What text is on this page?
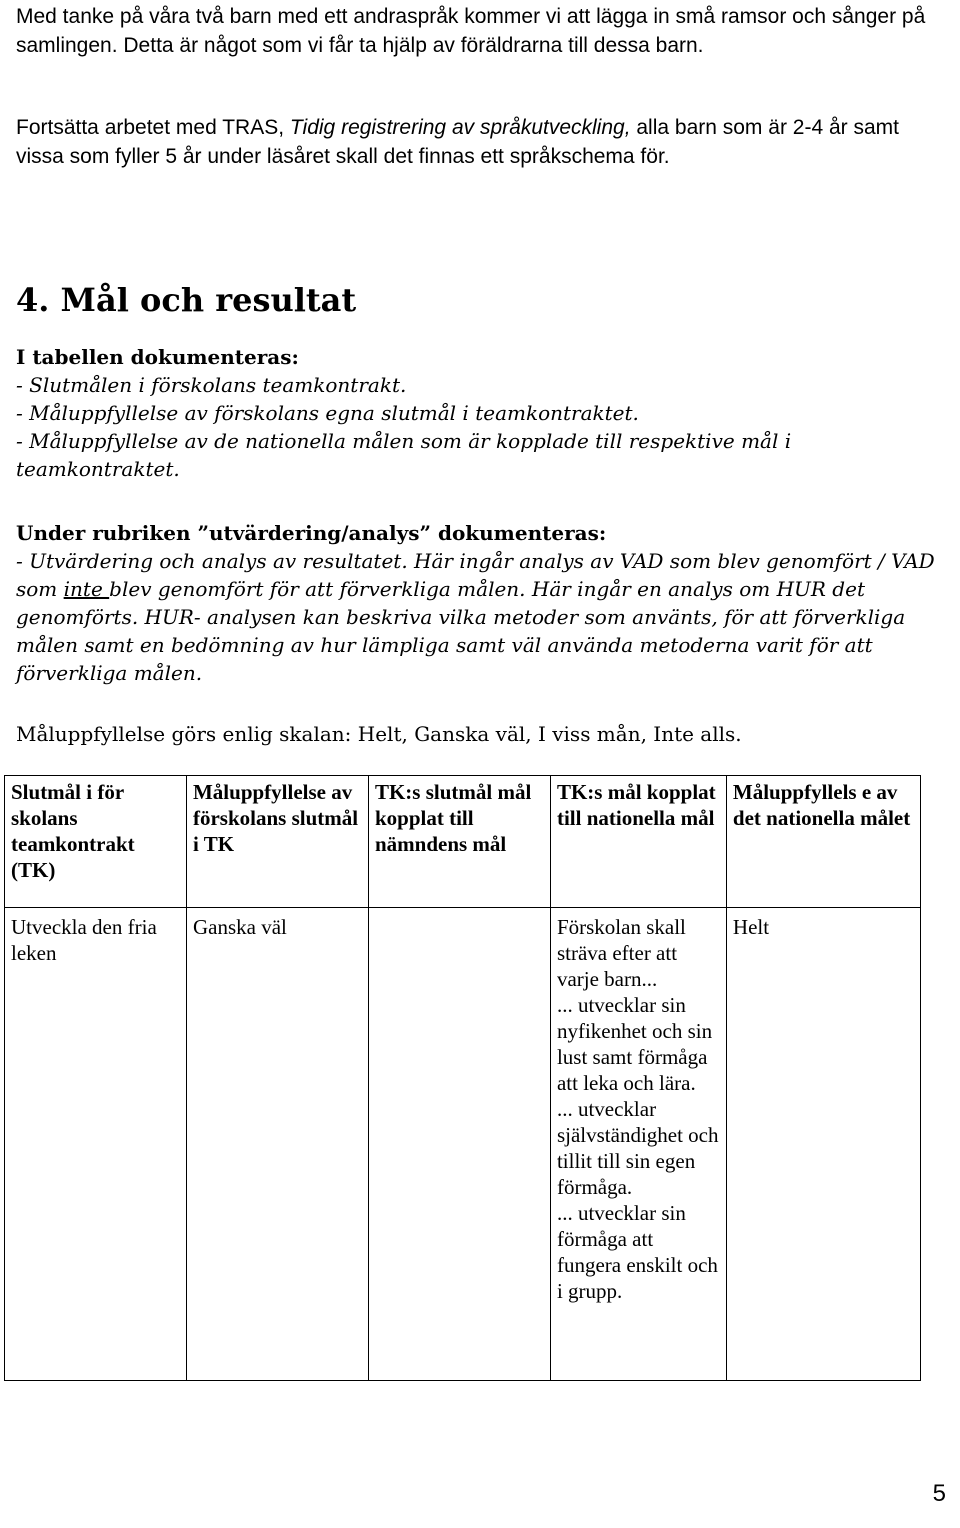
Med tanke på våra två barn med ett andraspråk kommer vi att lägga in små ramsor och sånger på samlingen. Detta är något som vi får ta hjälp av föräldrarna till dessa barn.

Fortsätta arbetet med TRAS, Tidig registrering av språkutveckling, alla barn som är 2-4 år samt vissa som fyller 5 år under läsåret skall det finnas ett språkschema för.

4. Mål och resultat
I tabellen dokumenteras:
- Slutmålen i förskolans teamkontrakt.
- Måluppfyllelse av förskolans egna slutmål i teamkontraktet.
- Måluppfyllelse av de nationella målen som är kopplade till respektive mål i teamkontraktet.
Under rubriken ”utvärdering/analys” dokumenteras:
- Utvärdering och analys av resultatet. Här ingår analys av VAD som blev genomfört / VAD som inte blev genomfört för att förverkliga målen. Här ingår en analys om HUR det genomförts. HUR- analysen kan beskriva vilka metoder som använts, för att förverkliga målen samt en bedömning av hur lämpliga samt väl använda metoderna varit för att förverkliga målen.
Måluppfyllelse görs enlig skalan: Helt, Ganska väl, I viss mån, Inte alls.
Slutmål i för skolans teamkontrakt (TK)	Måluppfyllelse av förskolans slutmål i TK	TK:s slutmål mål kopplat till nämndens mål	TK:s mål kopplat till nationella mål	Måluppfyllels e av det nationella målet
Utveckla den fria leken	Ganska väl		Förskolan skall sträva efter att varje barn...
... utvecklar sin nyfikenhet och sin lust samt förmåga att leka och lära.
... utvecklar självständighet och tillit till sin egen förmåga.
... utvecklar sin förmåga att fungera enskilt och i grupp.	Helt
5
